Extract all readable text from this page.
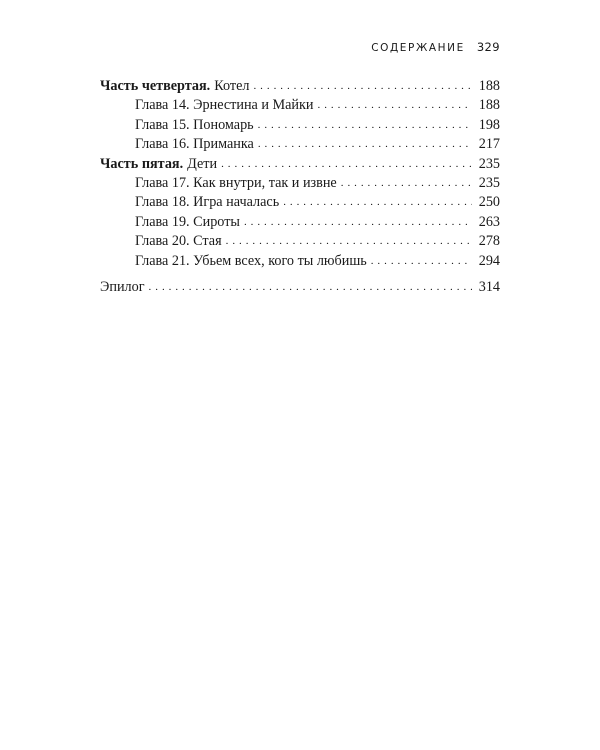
СОДЕРЖАНИЕ 329
Часть четвертая. Котел . . .	188
Глава 14. Эрнестина и Майки . . .	188
Глава 15. Пономарь . . .	198
Глава 16. Приманка . . .	217
Часть пятая. Дети . . .	235
Глава 17. Как внутри, так и извне . . .	235
Глава 18. Игра началась . . .	250
Глава 19. Сироты . . .	263
Глава 20. Стая . . .	278
Глава 21. Убьем всех, кого ты любишь . . .	294
Эпилог . . .	314
